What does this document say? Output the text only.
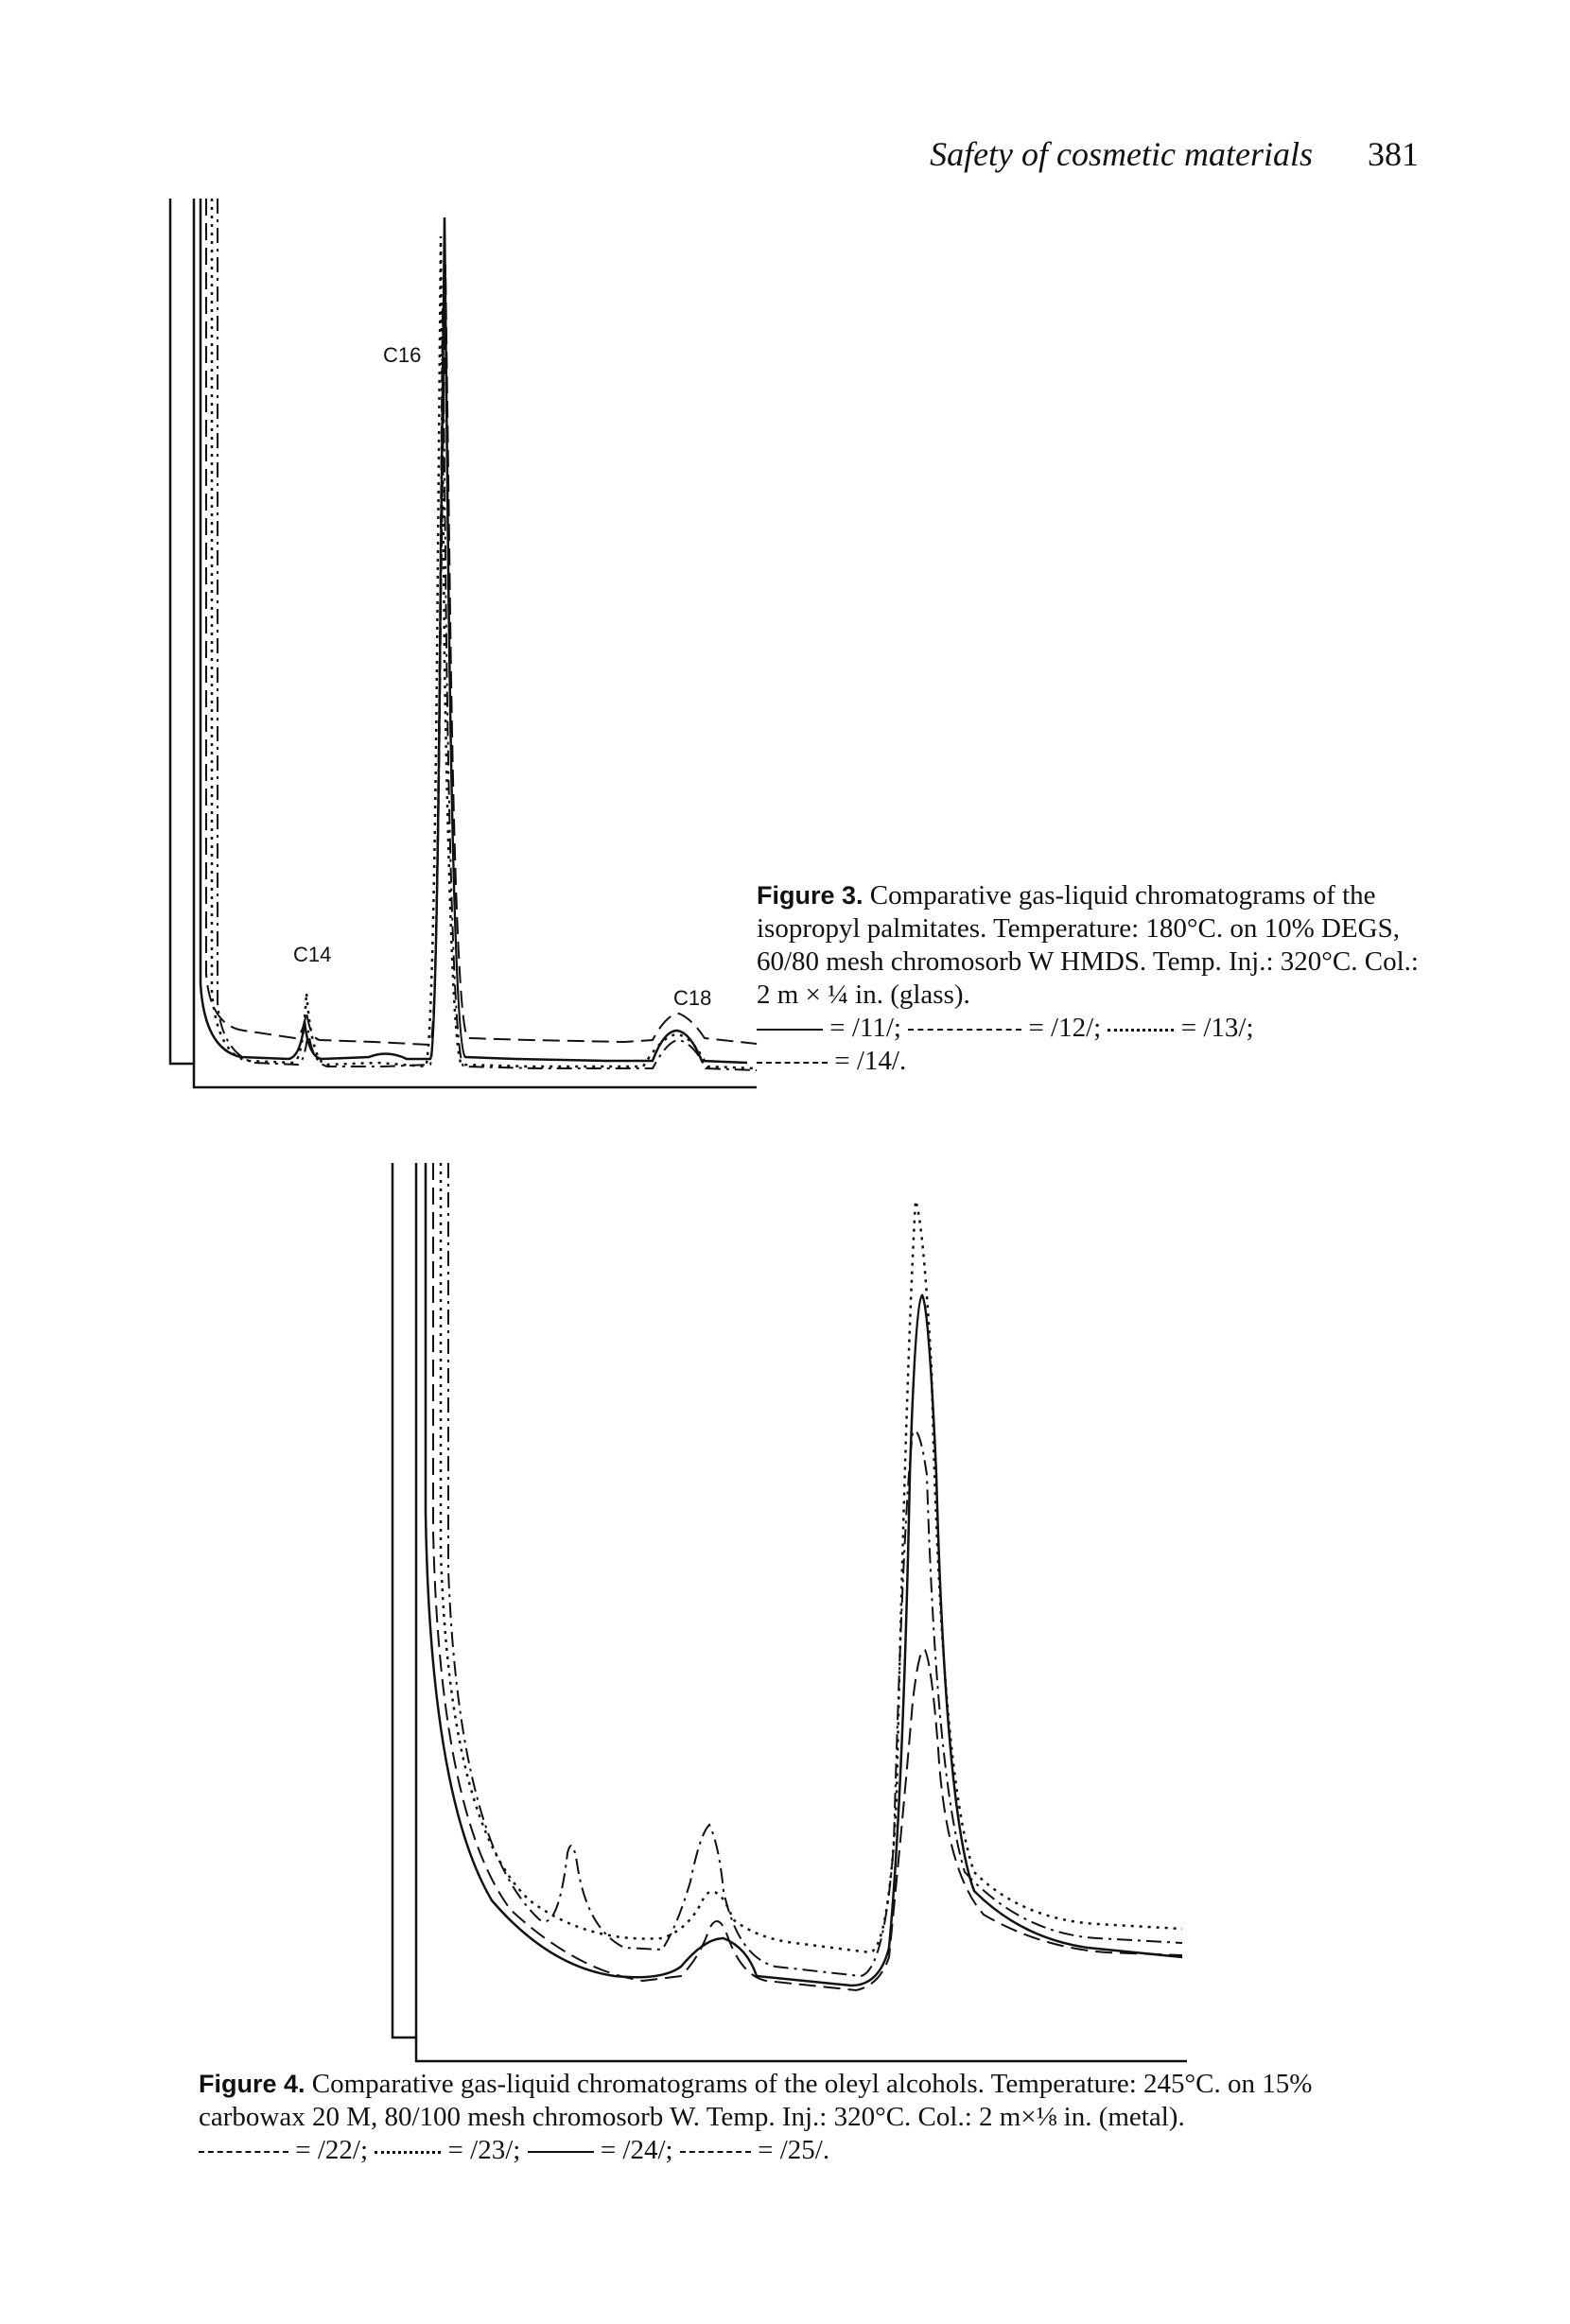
Safety of cosmetic materials 381
C16
C14
C18
Figure 3. Comparative gas-liquid chromatograms of the isopropyl palmitates. Temperature: 180°C. on 10% DEGS, 60/80 mesh chromosorb W HMDS. Temp. Inj.: 320°C. Col.: 2 m × ¼ in. (glass).
= /11/;	= /12/;	= /13/;
= /14/.
Figure 4. Comparative gas-liquid chromatograms of the oleyl alcohols. Temperature: 245°C. on 15% carbowax 20 M, 80/100 mesh chromosorb W. Temp. Inj.: 320°C. Col.: 2 m×⅛ in. (metal).  = /22/;	= /23/;	= /24/;	= /25/.
